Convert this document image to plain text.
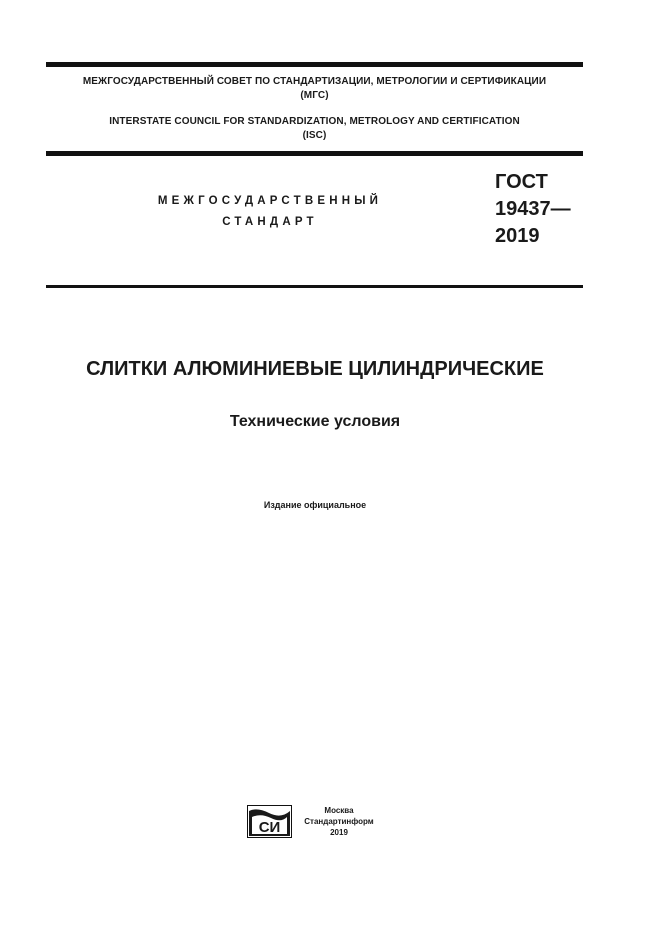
МЕЖГОСУДАРСТВЕННЫЙ СОВЕТ ПО СТАНДАРТИЗАЦИИ, МЕТРОЛОГИИ И СЕРТИФИКАЦИИ
(МГС)
INTERSTATE COUNCIL FOR STANDARDIZATION, METROLOGY AND CERTIFICATION
(ISC)
МЕЖГОСУДАРСТВЕННЫЙ
СТАНДАРТ
ГОСТ
19437—
2019
СЛИТКИ АЛЮМИНИЕВЫЕ ЦИЛИНДРИЧЕСКИЕ
Технические условия
Издание официальное
СИ
Москва
Стандартинформ
2019
